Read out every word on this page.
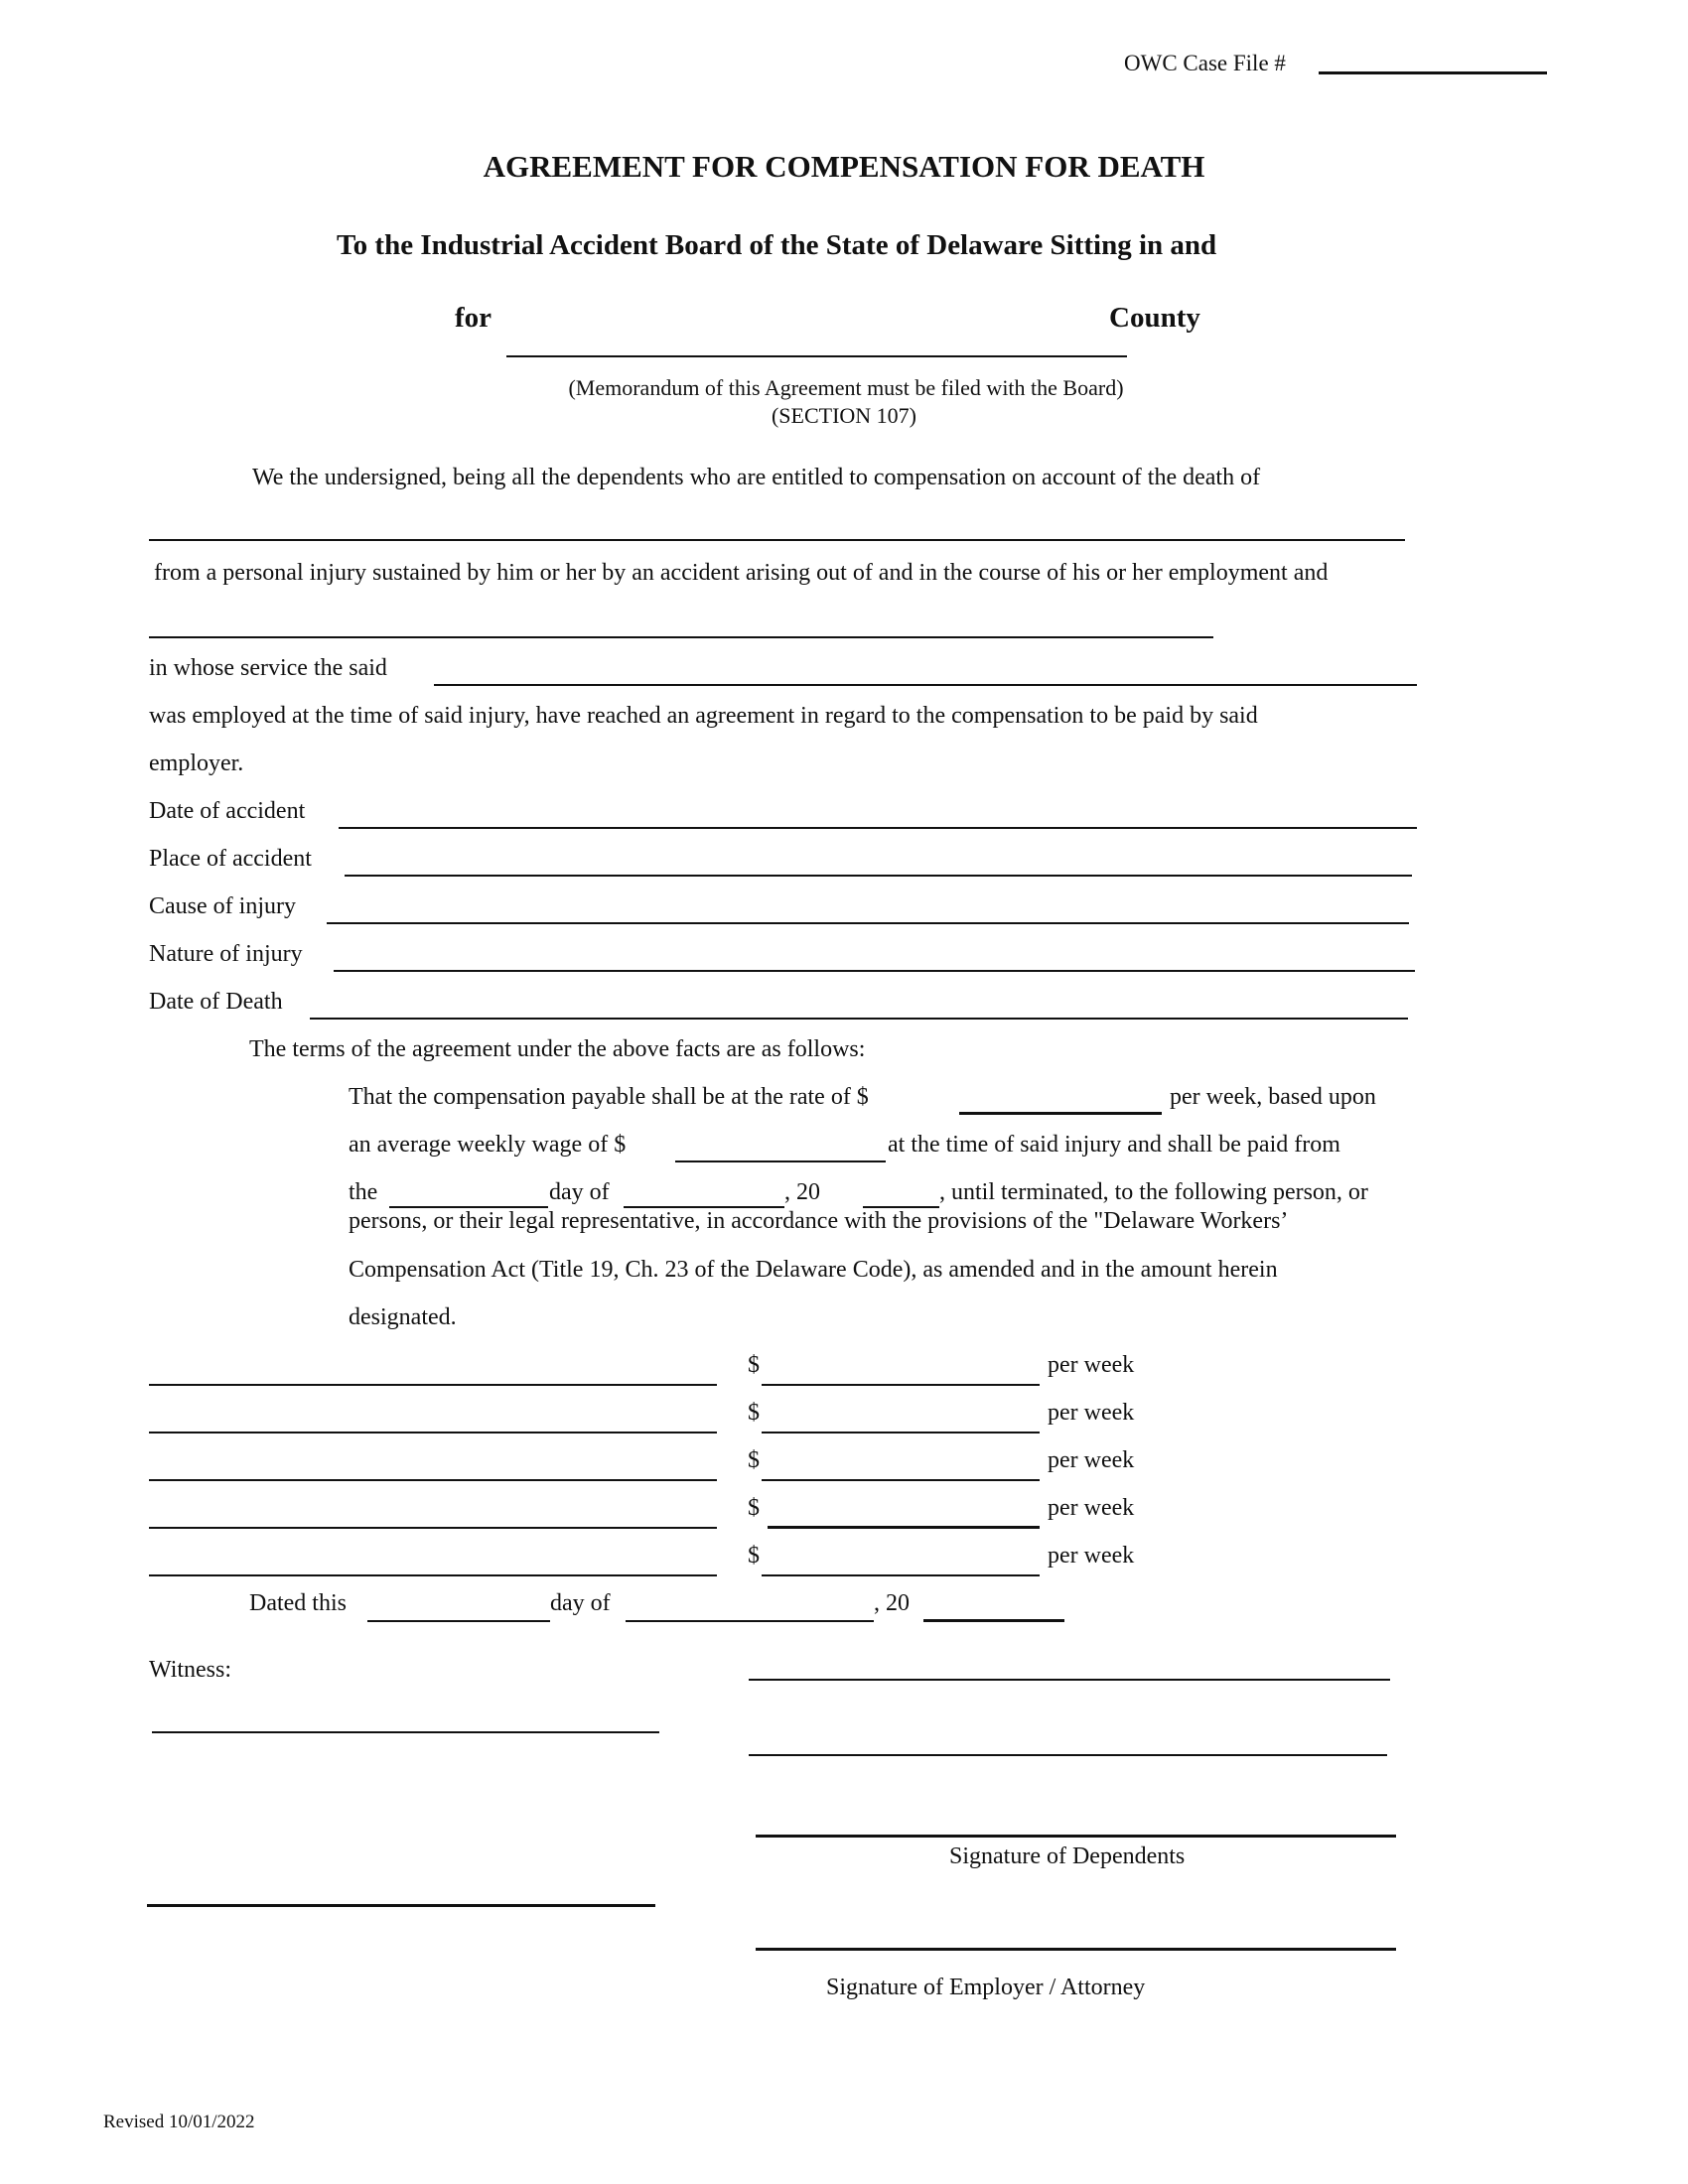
OWC Case File #
AGREEMENT FOR COMPENSATION FOR DEATH
To the Industrial Accident Board of the State of Delaware Sitting in and
for	County
(Memorandum of this Agreement must be filed with the Board)
(SECTION 107)
We the undersigned, being all the dependents who are entitled to compensation on account of the death of
from a personal injury sustained by him or her by an accident arising out of and in the course of his or her employment and
in whose service the said
was employed at the time of said injury, have reached an agreement in regard to the compensation to be paid by said
employer.
Date of accident
Place of accident
Cause of injury
Nature of injury
Date of Death
The terms of the agreement under the above facts are as follows:
That the compensation payable shall be at the rate of $	per week, based upon
an average weekly wage of $	at the time of said injury and shall be paid from
the	day of	, 20	, until terminated, to the following person, or
persons, or their legal representative, in accordance with the provisions of the "Delaware Workers’
Compensation Act (Title 19, Ch. 23 of the Delaware Code), as amended and in the amount herein
designated.
$	per week
$	per week
$	per week
$	per week
$	per week
Dated this	day of	, 20
Witness:
Signature of Dependents
Signature of Employer / Attorney
Revised 10/01/2022
